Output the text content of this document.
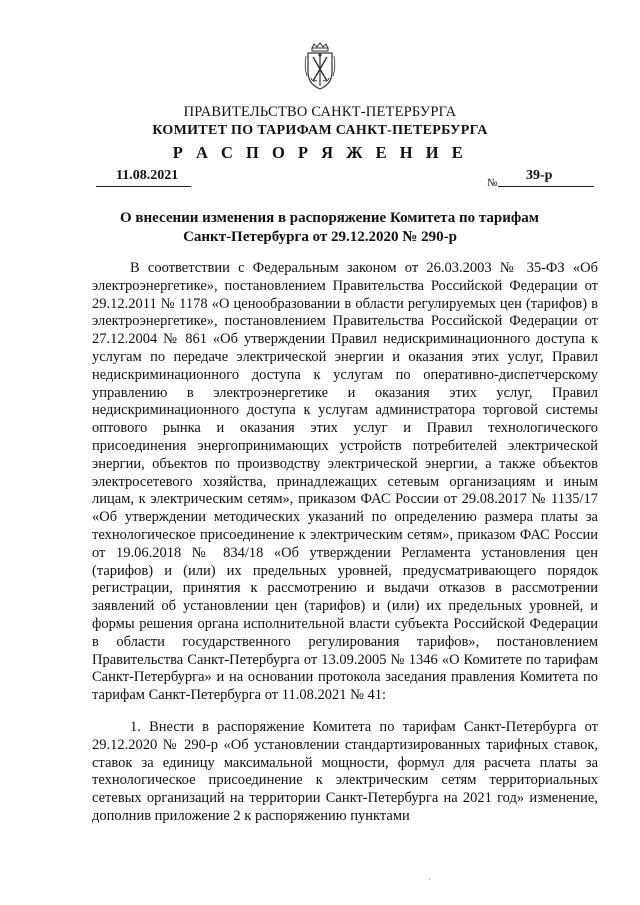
ПРАВИТЕЛЬСТВО САНКТ-ПЕТЕРБУРГА
КОМИТЕТ ПО ТАРИФАМ САНКТ-ПЕТЕРБУРГА
Р А С П О Р Я Ж Е Н И Е
11.08.2021	№ 39-р
О внесении изменения в распоряжение Комитета по тарифам
Санкт-Петербурга от 29.12.2020 № 290-р

В соответствии с Федеральным законом от 26.03.2003 № 35-ФЗ «Об электроэнергетике», постановлением Правительства Российской Федерации от 29.12.2011 № 1178 «О ценообразовании в области регулируемых цен (тарифов) в электроэнергетике», постановлением Правительства Российской Федерации от 27.12.2004 № 861 «Об утверждении Правил недискриминационного доступа к услугам по передаче электрической энергии и оказания этих услуг, Правил недискриминационного доступа к услугам по оперативно-диспетчерскому управлению в электроэнергетике и оказания этих услуг, Правил недискриминационного доступа к услугам администратора торговой системы оптового рынка и оказания этих услуг и Правил технологического присоединения энергопринимающих устройств потребителей электрической энергии, объектов по производству электрической энергии, а также объектов электросетевого хозяйства, принадлежащих сетевым организациям и иным лицам, к электрическим сетям», приказом ФАС России от 29.08.2017 № 1135/17 «Об утверждении методических указаний по определению размера платы за технологическое присоединение к электрическим сетям», приказом ФАС России от 19.06.2018 № 834/18 «Об утверждении Регламента установления цен (тарифов) и (или) их предельных уровней, предусматривающего порядок регистрации, принятия к рассмотрению и выдачи отказов в рассмотрении заявлений об установлении цен (тарифов) и (или) их предельных уровней, и формы решения органа исполнительной власти субъекта Российской Федерации в области государственного регулирования тарифов», постановлением Правительства Санкт-Петербурга от 13.09.2005 № 1346 «О Комитете по тарифам Санкт-Петербурга» и на основании протокола заседания правления Комитета по тарифам Санкт-Петербурга от 11.08.2021 № 41:

1. Внести в распоряжение Комитета по тарифам Санкт-Петербурга от 29.12.2020 № 290-р «Об установлении стандартизированных тарифных ставок, ставок за единицу максимальной мощности, формул для расчета платы за технологическое присоединение к электрическим сетям территориальных сетевых организаций на территории Санкт-Петербурга на 2021 год» изменение, дополнив приложение 2 к распоряжению пунктами

ˈ
